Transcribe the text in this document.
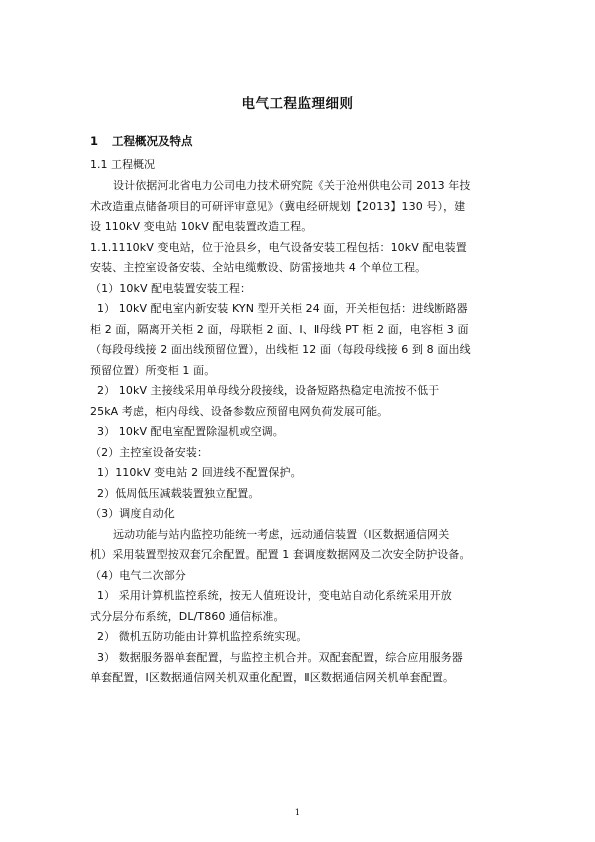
电气工程监理细则
1 工程概况及特点
1.1 工程概况
设计依据河北省电力公司电力技术研究院《关于沧州供电公司 2013 年技
术改造重点储备项目的可研评审意见》（冀电经研规划【2013】130 号），建
设 110kV 变电站 10kV 配电装置改造工程。
1.1.1110kV 变电站，位于沧县乡，电气设备安装工程包括：10kV 配电装置
安装、主控室设备安装、全站电缆敷设、防雷接地共 4 个单位工程。
（1）10kV 配电装置安装工程：
1） 10kV 配电室内新安装 KYN 型开关柜 24 面，开关柜包括：进线断路器
柜 2 面，隔离开关柜 2 面，母联柜 2 面、Ⅰ、Ⅱ母线 PT 柜 2 面，电容柜 3 面
（每段母线接 2 面出线预留位置），出线柜 12 面（每段母线接 6 到 8 面出线
预留位置）所变柜 1 面。
2） 10kV 主接线采用单母线分段接线，设备短路热稳定电流按不低于
25kA 考虑，柜内母线、设备参数应预留电网负荷发展可能。
3） 10kV 配电室配置除湿机或空调。
（2）主控室设备安装：
1）110kV 变电站 2 回进线不配置保护。
2）低周低压减载装置独立配置。
（3）调度自动化
远动功能与站内监控功能统一考虑，远动通信装置（Ⅰ区数据通信网关
机）采用装置型按双套冗余配置。配置 1 套调度数据网及二次安全防护设备。
（4）电气二次部分
1） 采用计算机监控系统，按无人值班设计，变电站自动化系统采用开放
式分层分布系统，DL/T860 通信标准。
2） 微机五防功能由计算机监控系统实现。
3） 数据服务器单套配置，与监控主机合并。双配套配置，综合应用服务器
单套配置，Ⅰ区数据通信网关机双重化配置，Ⅱ区数据通信网关机单套配置。
1
